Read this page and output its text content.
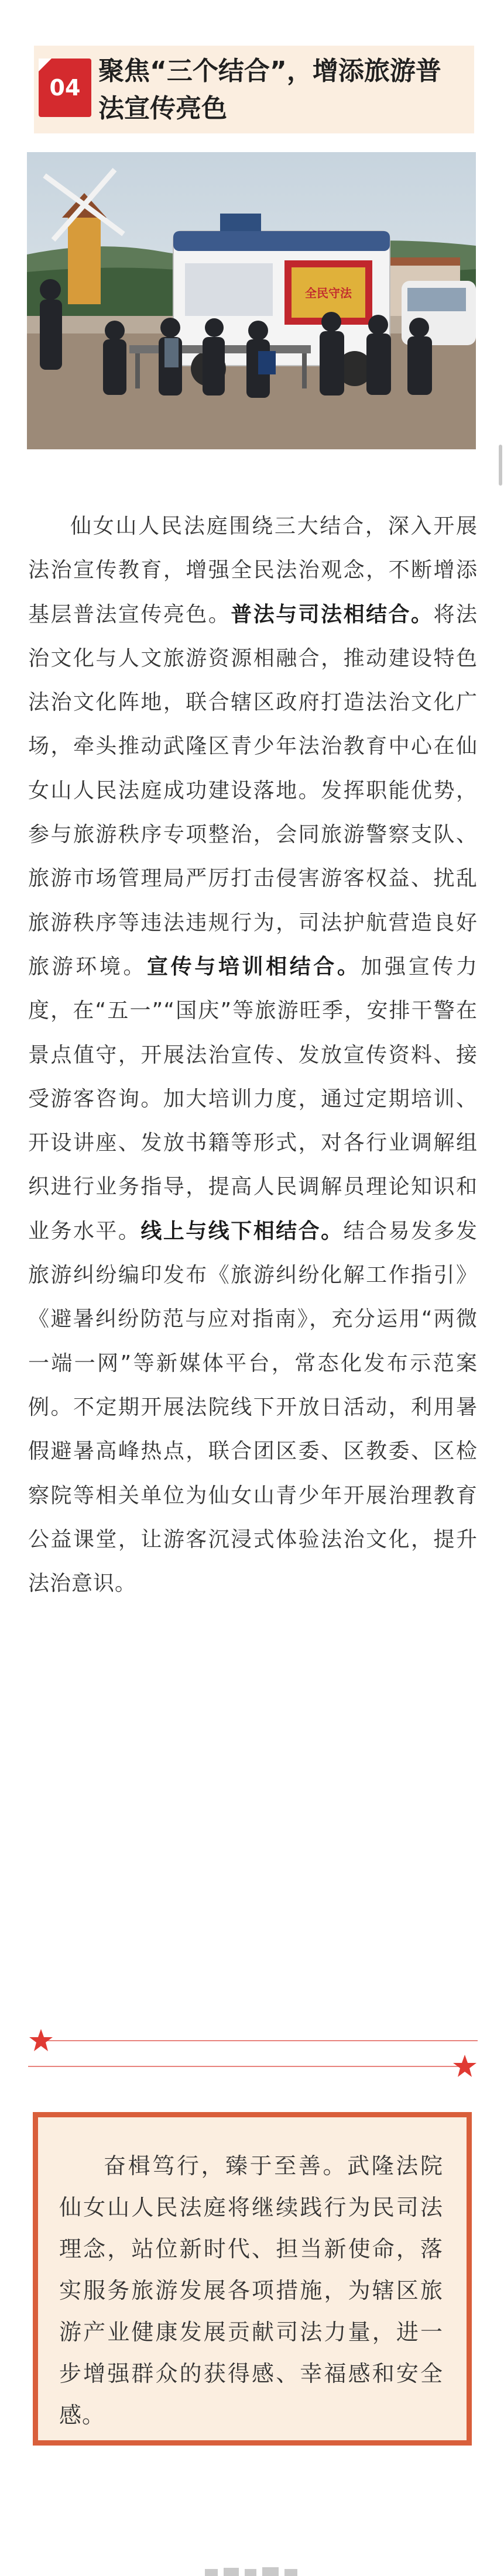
04
聚焦“三个结合”，增添旅游普法宣传亮色
全民守法

仙女山人民法庭围绕三大结合，深入开展法治宣传教育，增强全民法治观念，不断增添基层普法宣传亮色。普法与司法相结合。将法治文化与人文旅游资源相融合，推动建设特色法治文化阵地，联合辖区政府打造法治文化广场，牵头推动武隆区青少年法治教育中心在仙女山人民法庭成功建设落地。发挥职能优势，参与旅游秩序专项整治，会同旅游警察支队、旅游市场管理局严厉打击侵害游客权益、扰乱旅游秩序等违法违规行为，司法护航营造良好旅游环境。宣传与培训相结合。加强宣传力度，在“五一”“国庆”等旅游旺季，安排干警在景点值守，开展法治宣传、发放宣传资料、接受游客咨询。加大培训力度，通过定期培训、开设讲座、发放书籍等形式，对各行业调解组织进行业务指导，提高人民调解员理论知识和业务水平。线上与线下相结合。结合易发多发旅游纠纷编印发布《旅游纠纷化解工作指引》《避暑纠纷防范与应对指南》，充分运用“两微一端一网”等新媒体平台，常态化发布示范案例。不定期开展法院线下开放日活动，利用暑假避暑高峰热点，联合团区委、区教委、区检察院等相关单位为仙女山青少年开展治理教育公益课堂，让游客沉浸式体验法治文化，提升法治意识。

奋楫笃行，臻于至善。武隆法院仙女山人民法庭将继续践行为民司法理念，站位新时代、担当新使命，落实服务旅游发展各项措施，为辖区旅游产业健康发展贡献司法力量，进一步增强群众的获得感、幸福感和安全感。
